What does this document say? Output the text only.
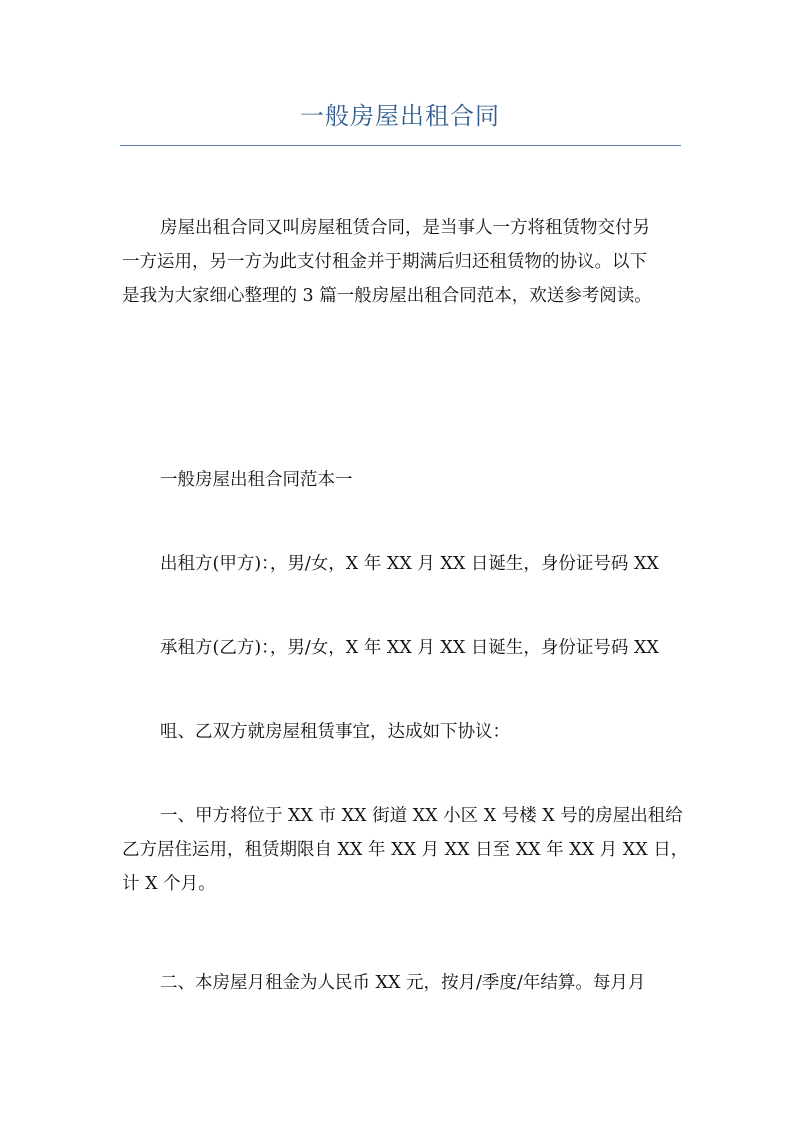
一般房屋出租合同

房屋出租合同又叫房屋租赁合同，是当事人一方将租赁物交付另
一方运用，另一方为此支付租金并于期满后归还租赁物的协议。以下
是我为大家细心整理的 3 篇一般房屋出租合同范本，欢送参考阅读。

一般房屋出租合同范本一

出租方(甲方)：，男/女，X 年 XX 月 XX 日诞生，身份证号码 XX

承租方(乙方)：，男/女，X 年 XX 月 XX 日诞生，身份证号码 XX

咀、乙双方就房屋租赁事宜，达成如下协议：

一、甲方将位于 XX 市 XX 街道 XX 小区 X 号楼 X 号的房屋出租给
乙方居住运用，租赁期限自 XX 年 XX 月 XX 日至 XX 年 XX 月 XX 日，
计 X 个月。

二、本房屋月租金为人民币 XX 元，按月/季度/年结算。每月月
